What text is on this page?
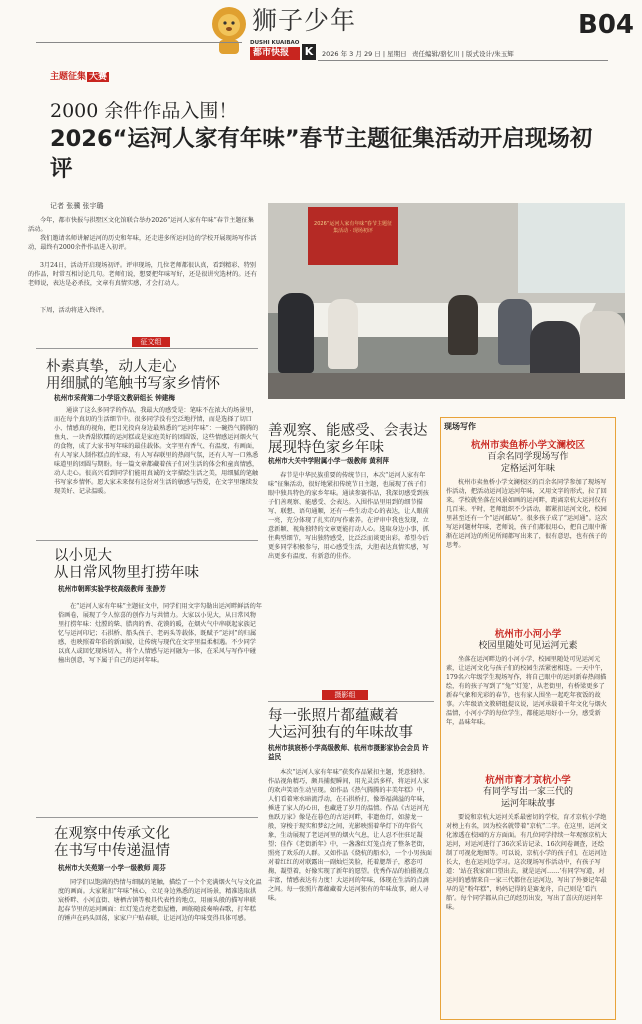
狮子少年
DUSHI KUAIBAO
都市快报 K	2026 年 3 月 29 日 | 星期日 责任编辑/骆忆川 | 版式设计/朱玉辉
B04
主题征集 大赛
2000 余件作品入围！
2026“运河人家有年味”春节主题征集活动开启现场初评
记者 张骥 张宇璐

今年，都市快报与拱墅区文化馆联合举办2026“运河人家有年味”春节主题征集活动。

我们邀请名师讲解运河的历史和年味，还走进多所运河边的学校开展现场写作活动，最终有2000余件作品进入初评。

3月24日，活动开启现场初评。评审现场，几位老师都很认真，看到精彩、特别的作品，时常互相讨论几句。老师们说，想要把年味写好，还是很讲究选材的。还有老师说，表达是必杀技，文章有真情实感，才会打动人。

下周，活动将进入终评。

2026“运河人家有年味”春节主题征集活动 · 现场初评
征文组
朴素真挚，动人走心
用细腻的笔触书写家乡情怀
杭州市采荷第二小学语文教研组长 钟建梅
通读了这么多同学的作品，我最大的感受是：笔味不在浓大的场景里，而在每个真切的生活细节中。很多同学没有空泛地抒情，而是选择了切口小、情感真的视角，把目光投向身边最熟悉的“运河年味”：一碗热气腾腾的鱼丸、一块香甜软糯的运河糕或是家庭美好的团圆饭，这些情感运河烟火气的食物，成了大家书写年味的最佳载体。文字里有香气、有温度，有画面，有人写家人制作糕点的忙碌，有人写春联里的热闹气氛，还有人写一口熟悉味道里的团圆与期盼。每一篇文章都藏着孩子们对生活的体会和童真情感，动人走心。很高兴看到同学们能用真诚的文字描绘生活之美，用细腻的笔触书写家乡情怀。愿大家未来保有这份对生活的敏感与热爱，在文字里继续发现美好、记录温暖。
以小见大
从日常风物里打捞年味
杭州市朝晖实验学校高级教师 张静芳
在“运河人家有年味”主题征文中，同学们用文字勾勒出运河畔鲜活的年俗画卷，展现了令人惊喜的创作力与共情力。大家以小见大，从日常风物里打捞年味：灶膛的柴、腊肉的香、花馍的暖，在烟火气中串联起家族记忆与运河印记；石拱桥、船头孩子、老码头等载体，既赋予“运河”的归属感，也映照着年俗的新面貌，让传统与现代在文字里温柔相遇。不少同学以真人或回忆现场切入，将个人情感与运河融为一体，在采风与写作中碰撞出创意，写下属于自己的运河年味。
在观察中传承文化
在书写中传递温情
杭州市大关苑第一小学一级教师 周芬
同学们以饱满的热情与细腻的笔触，描绘了一个个充满烟火气与文化温度的画面。大家紧扣“年味”核心，立足身边熟悉的运河场景，精准选取拱宸桥畔、小河直街、塘栖古镇等极具代表性的地点，用丽头般的描写串联起春节里的运河画面：红灯笼点亮老街屋檐，画舫随波奏响春歌，打年糕的锤声在码头回荡，家家户户贴春联，让运河边的年味变得具体可感。
善观察、能感受、会表达
展现特色家乡年味
杭州市大关中学附属小学一级教师 黄利萍
春节是中华民族重要的传统节日，本次“运河人家有年味”征集活动，很好地紧扣传统节日主题，也展现了孩子们眼中独具特色的家乡年味。通读参赛作品，我深切感受到孩子们善观察、能感受、会表达。入围作品里用到的细节描写、联想、语句通顺，还有一些生动走心的表达，让人眼前一亮，充分体现了扎实的写作素养。在评审中我也发现，立意新颖、视角独特的文章更能打动人心。选取身边小事，抓住典型细节，写出独特感受，比泛泛而谈更出彩。希望今后更多同学积极参与，用心感受生活，大胆表达真情实感，写出更多有温度、有新意的佳作。
摄影组
每一张照片都蕴藏着
大运河独有的年味故事
杭州市拱宸桥小学高级教师、杭州市摄影家协会会员 许益民
本次“运河人家有年味”获奖作品紧扣主题，凭意独特。作品视角精巧，颇具捕捉瞬间，用光灵活多样，将运河人家的欢声笑语生动呈现。如作品《热气腾腾的丰美年糕》中，人们看着寒水暗流浮动，在石拱桥打，像举福满溢的年味，捶进了家人的心田，也藏进了岁月的温情。作品《古运河光 鱼跃万家》像是在暮色的古运河畔，非遗鱼灯，如游龙一般，穿梭于现实和梦幻之间，光影映照着华灯下的年俗气象，生动展现了老运河里的烟火气息，让人忍不住驻足凝望；佳作《老街新年》中，一盏盏红灯笼点亮了整条老街，照亮了欢乐的人群。又如作品《烧杭的船水》，一个小男孩面对着红红的对联露出一副灿烂笑脸，托着腮帮子，憨态可掬，凝望着，好像实现了新年的愿望。优秀作品的拍摄视点丰富，情感表达有力度！大运河的年味，体现在生活的点滴之间。每一张照片都蕴藏着大运河独有的年味故事，耐人寻味。
现场写作
杭州市卖鱼桥小学文澜校区
百余名同学现场写作
定格运河年味
杭州市卖鱼桥小学文澜校区的百余名同学参加了现场写作活动，把活动运河边运河年味，又用文字的形式，拉了回来。学校就坐落在风景如画的运河畔，距离京杭大运河仅有几百米。平时，老师组织不少活动，都紧扣运河文化，校园里甚至还有一个“运河邮局”。很多孩子成了“运河通”。这次写运河题材年味，老师说，孩子们都很用心，把自己眼中渐渐在运河边的所见所闻都写出来了，很有意思，也有孩子的思考。
杭州市小河小学
校园里随处可见运河元素
坐落在运河畔边的小河小学，校园里随处可见运河元素，让运河文化与孩子们的校园生活紧密相连。一天中午，179名六年级学生现场写作，将自己眼中的运河新春热闹描绘，有的孩子写到了“兔”‘灯笼’，从老街里，有桥梁更多了新春气象和光彩的春节，也有家人围坐一起吃年夜饭的故事。六年级语文教研组提议说，运河承载着千年文化与烟火温情，小河小学的每位学生，都能运用好小一分，感受新年，品味年味。
杭州市育才京杭小学
有同学写出一家三代的
运河年味故事
要说和京杭大运河关系最密切的学校，育才京杭小学绝对榜上有名，因为校名就带着“京杭”二字。在这里，运河文化渗透在校园的方方面面。有几位同学持续一年观察京杭大运河，对运河进行了36次采访记录、16次问卷调查，还绘制了可视化地图等。可以说，京杭小学的孩子们，在运河边长大，也在运河边学习。这次现场写作活动中，有孩子写道：‘站在我家窗口望出去，就是运河……’有同学写道，对运河的感情来自一家三代都住在运河边，写出了外婆记年最早的是“粉年糕”，妈妈记得的是赛龙舟，自己则是‘看汽船’。每个同学都从自己的经历出发，写出了喜庆的运河年味。
